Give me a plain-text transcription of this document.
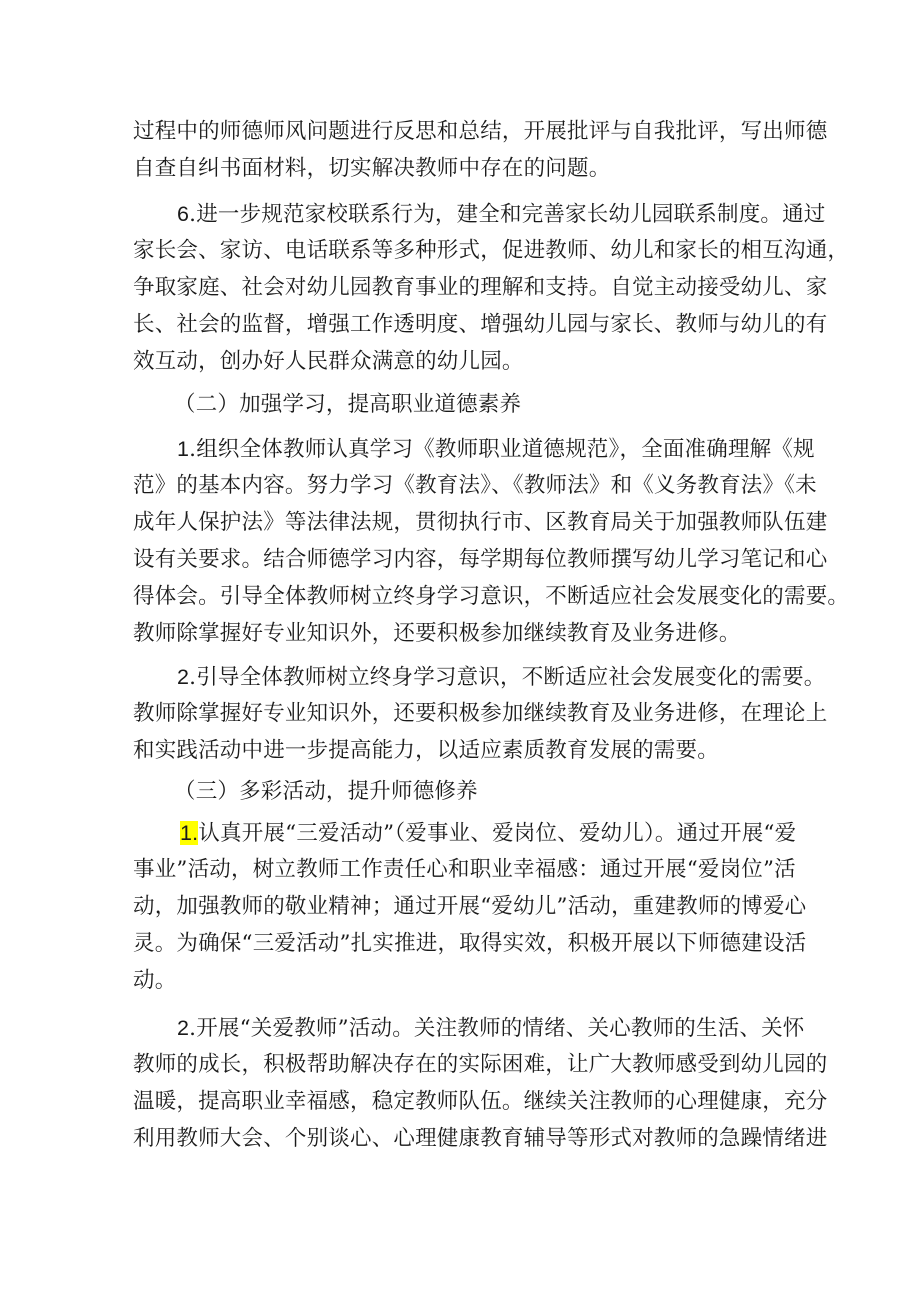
过程中的师德师风问题进行反思和总结，开展批评与自我批评，写出师德
自查自纠书面材料，切实解决教师中存在的问题。
6.进一步规范家校联系行为，建全和完善家长幼儿园联系制度。通过
家长会、家访、电话联系等多种形式，促进教师、幼儿和家长的相互沟通，
争取家庭、社会对幼儿园教育事业的理解和支持。自觉主动接受幼儿、家
长、社会的监督，增强工作透明度、增强幼儿园与家长、教师与幼儿的有
效互动，创办好人民群众满意的幼儿园。
（二）加强学习，提高职业道德素养
1.组织全体教师认真学习《教师职业道德规范》，全面准确理解《规
范》的基本内容。努力学习《教育法》、《教师法》和《义务教育法》《未
成年人保护法》等法律法规，贯彻执行市、区教育局关于加强教师队伍建
设有关要求。结合师德学习内容，每学期每位教师撰写幼儿学习笔记和心
得体会。引导全体教师树立终身学习意识，不断适应社会发展变化的需要。
教师除掌握好专业知识外，还要积极参加继续教育及业务进修。
2.引导全体教师树立终身学习意识，不断适应社会发展变化的需要。
教师除掌握好专业知识外，还要积极参加继续教育及业务进修，在理论上
和实践活动中进一步提高能力，以适应素质教育发展的需要。
（三）多彩活动，提升师德修养
1.认真开展“三爱活动”（爱事业、爱岗位、爱幼儿）。通过开展“爱
事业”活动，树立教师工作责任心和职业幸福感：通过开展“爱岗位”活
动，加强教师的敬业精神；通过开展“爱幼儿”活动，重建教师的博爱心
灵。为确保“三爱活动”扎实推进，取得实效，积极开展以下师德建设活
动。
2.开展“关爱教师”活动。关注教师的情绪、关心教师的生活、关怀
教师的成长，积极帮助解决存在的实际困难，让广大教师感受到幼儿园的
温暖，提高职业幸福感，稳定教师队伍。继续关注教师的心理健康，充分
利用教师大会、个别谈心、心理健康教育辅导等形式对教师的急躁情绪进
